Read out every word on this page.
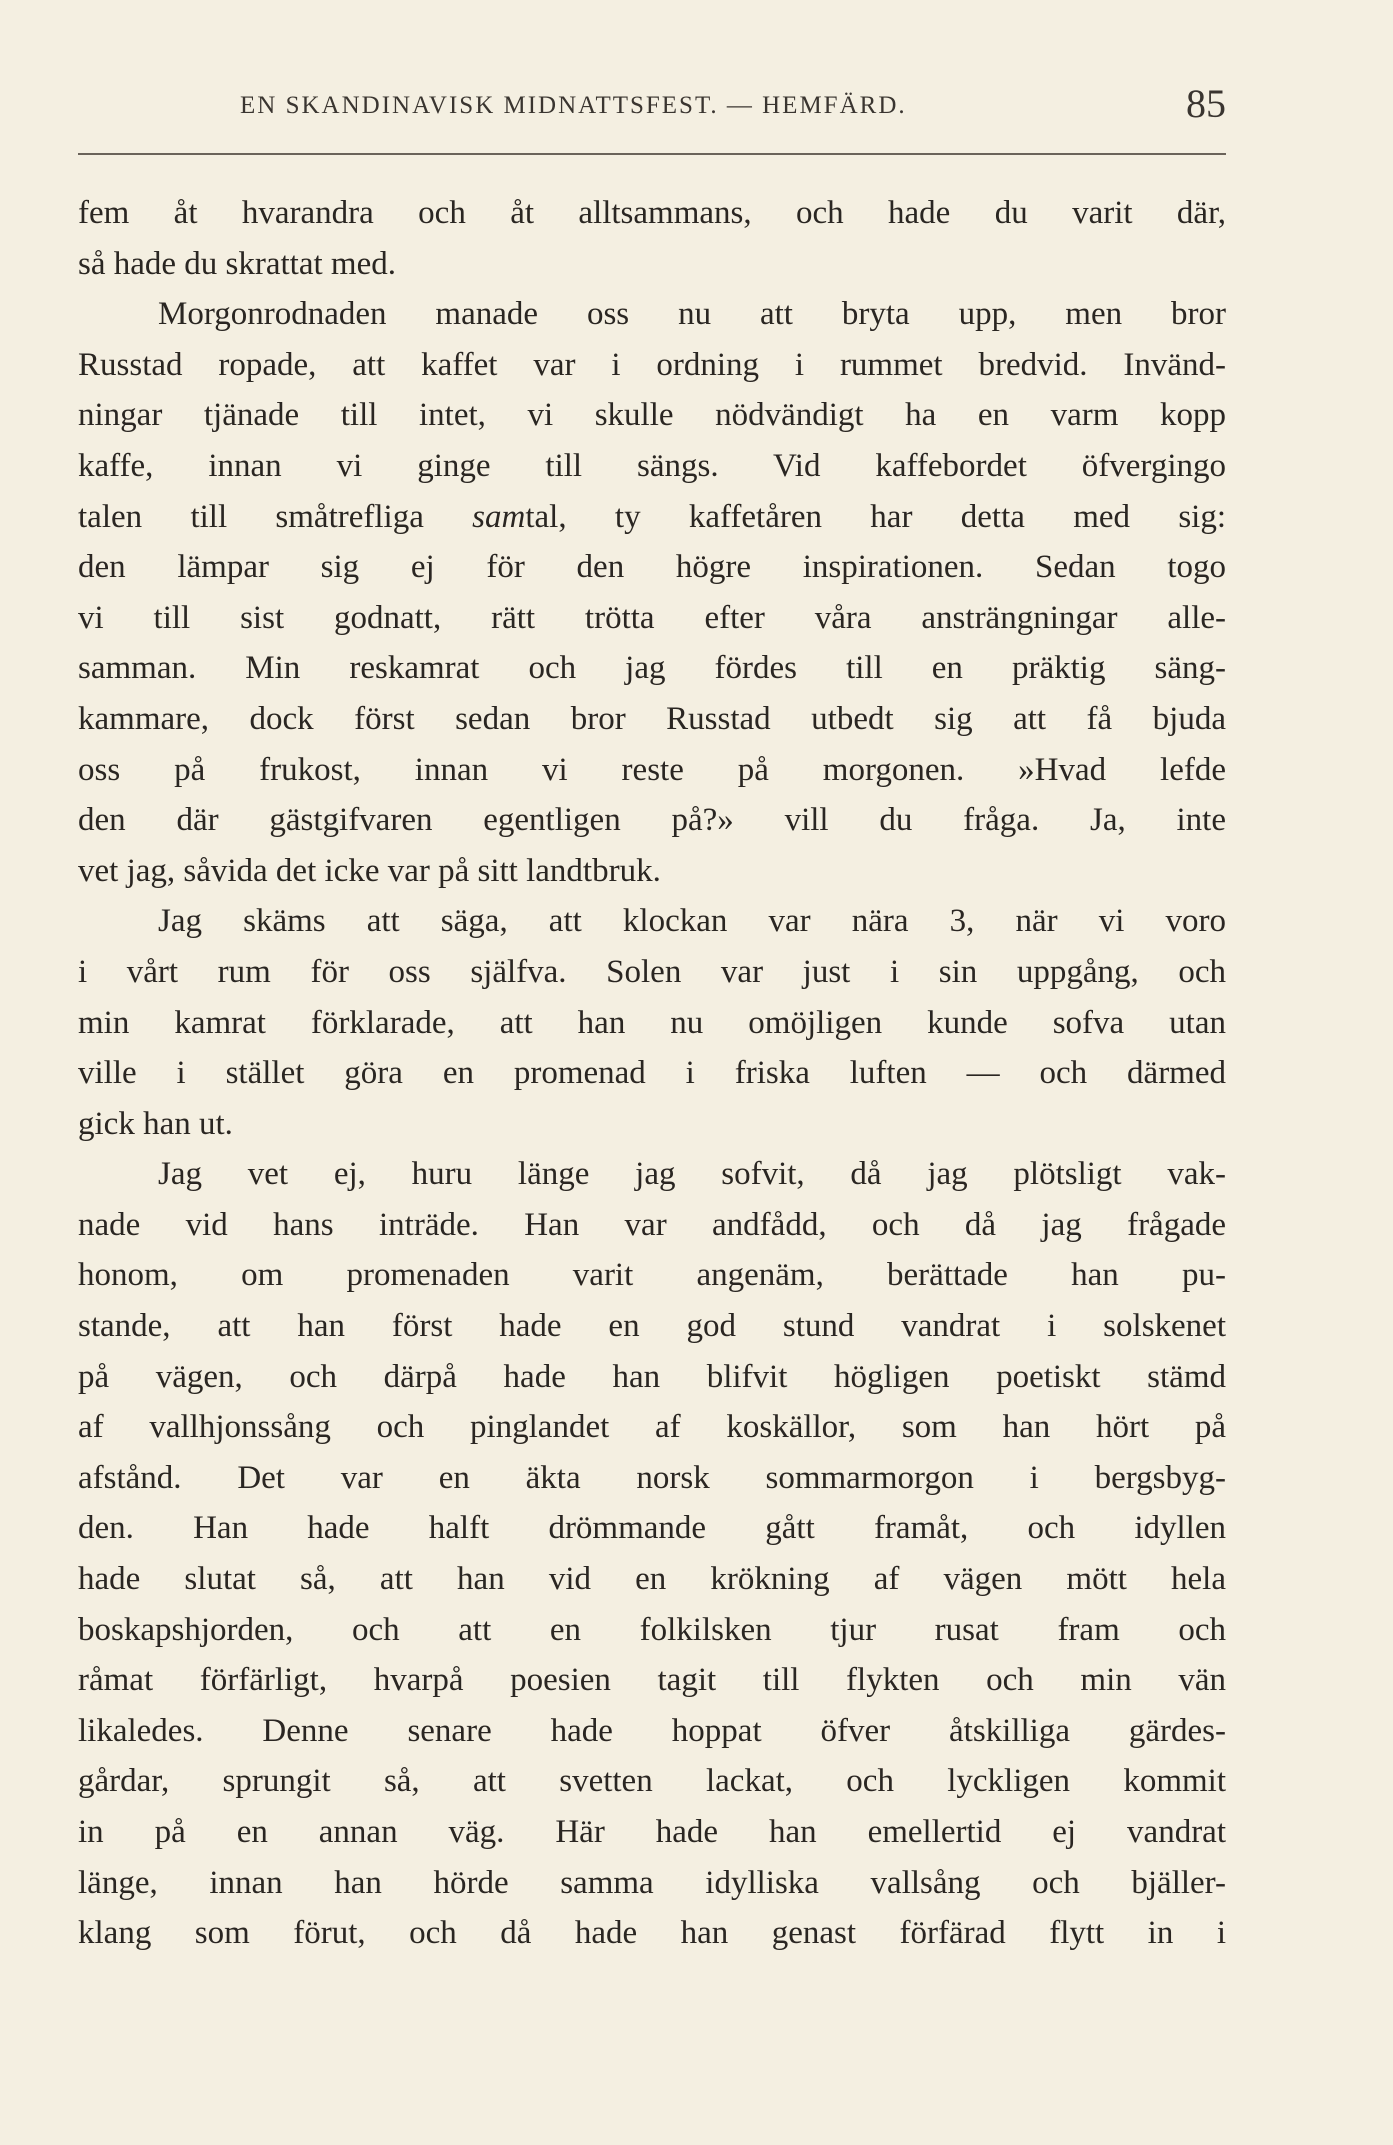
EN SKANDINAVISK MIDNATTSFEST. — HEMFÄRD.	85
fem åt hvarandra och åt alltsammans, och hade du varit där,
så hade du skrattat med.
Morgonrodnaden manade oss nu att bryta upp, men bror
Russtad ropade, att kaffet var i ordning i rummet bredvid. Invänd-
ningar tjänade till intet, vi skulle nödvändigt ha en varm kopp
kaffe, innan vi ginge till sängs. Vid kaffebordet öfvergingo
talen till småtrefliga samtal, ty kaffetåren har detta med sig:
den lämpar sig ej för den högre inspirationen. Sedan togo
vi till sist godnatt, rätt trötta efter våra ansträngningar alle-
samman. Min reskamrat och jag fördes till en präktig säng-
kammare, dock först sedan bror Russtad utbedt sig att få bjuda
oss på frukost, innan vi reste på morgonen. »Hvad lefde
den där gästgifvaren egentligen på?» vill du fråga. Ja, inte
vet jag, såvida det icke var på sitt landtbruk.
Jag skäms att säga, att klockan var nära 3, när vi voro
i vårt rum för oss själfva. Solen var just i sin uppgång, och
min kamrat förklarade, att han nu omöjligen kunde sofva utan
ville i stället göra en promenad i friska luften — och därmed
gick han ut.
Jag vet ej, huru länge jag sofvit, då jag plötsligt vak-
nade vid hans inträde. Han var andfådd, och då jag frågade
honom, om promenaden varit angenäm, berättade han pu-
stande, att han först hade en god stund vandrat i solskenet
på vägen, och därpå hade han blifvit högligen poetiskt stämd
af vallhjonssång och pinglandet af koskällor, som han hört på
afstånd. Det var en äkta norsk sommarmorgon i bergsbyg-
den. Han hade halft drömmande gått framåt, och idyllen
hade slutat så, att han vid en krökning af vägen mött hela
boskapshjorden, och att en folkilsken tjur rusat fram och
råmat förfärligt, hvarpå poesien tagit till flykten och min vän
likaledes. Denne senare hade hoppat öfver åtskilliga gärdes-
gårdar, sprungit så, att svetten lackat, och lyckligen kommit
in på en annan väg. Här hade han emellertid ej vandrat
länge, innan han hörde samma idylliska vallsång och bjäller-
klang som förut, och då hade han genast förfärad flytt in i
